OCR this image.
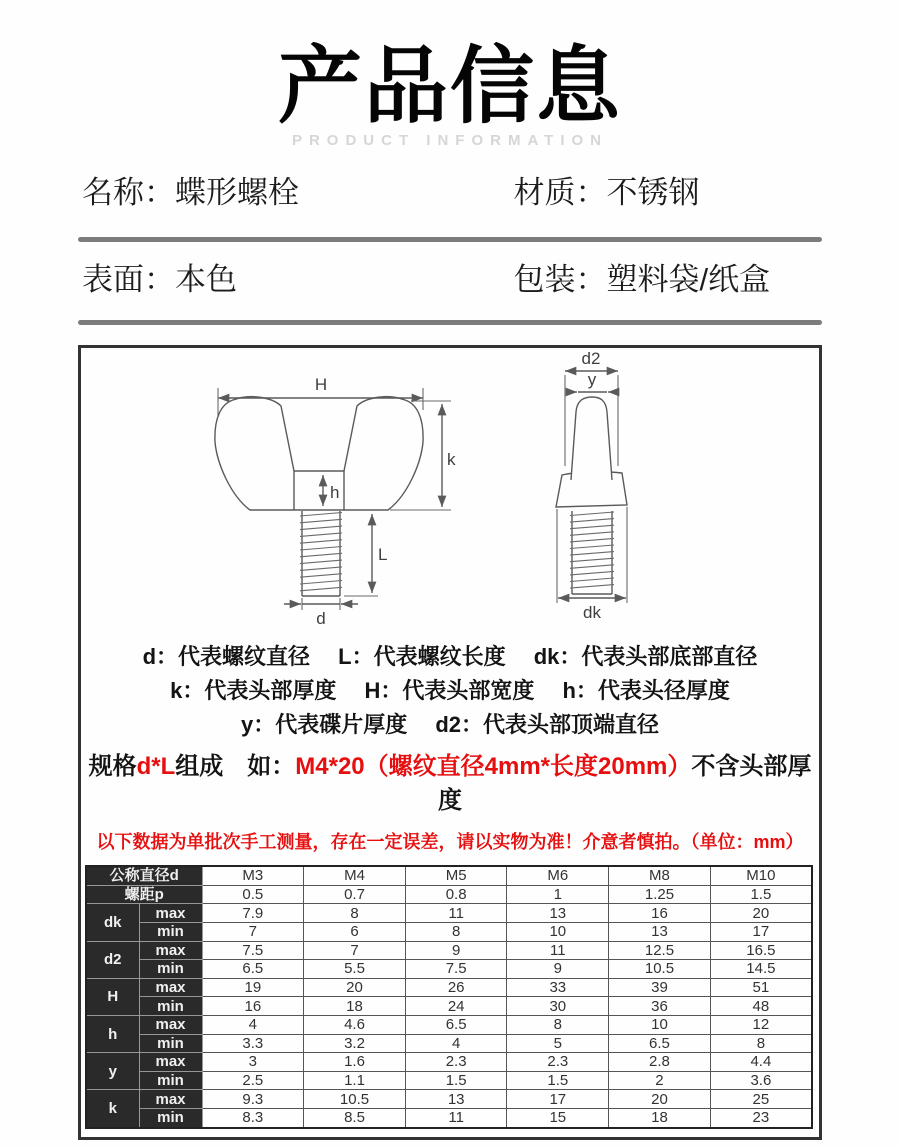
产品信息
PRODUCT INFORMATION
名称：蝶形螺栓	材质：不锈钢
表面：本色	包装：塑料袋/纸盒
H
h
k
L
d
d2
y
dk
d：代表螺纹直径　 L：代表螺纹长度　 dk：代表头部底部直径
k：代表头部厚度　 H：代表头部宽度　 h：代表头径厚度
y：代表碟片厚度　 d2：代表头部顶端直径
规格d*L组成　如：M4*20（螺纹直径4mm*长度20mm）不含头部厚度
以下数据为单批次手工测量，存在一定误差，请以实物为准！介意者慎拍。（单位：mm）
公称直径d		M3	M4	M5	M6	M8	M10
螺距p		0.5	0.7	0.8	1	1.25	1.5
dk	max	7.9	8	11	13	16	20
	min	7	6	8	10	13	17
d2	max	7.5	7	9	11	12.5	16.5
	min	6.5	5.5	7.5	9	10.5	14.5
H	max	19	20	26	33	39	51
	min	16	18	24	30	36	48
h	max	4	4.6	6.5	8	10	12
	min	3.3	3.2	4	5	6.5	8
y	max	3	1.6	2.3	2.3	2.8	4.4
	min	2.5	1.1	1.5	1.5	2	3.6
k	max	9.3	10.5	13	17	20	25
	min	8.3	8.5	11	15	18	23
